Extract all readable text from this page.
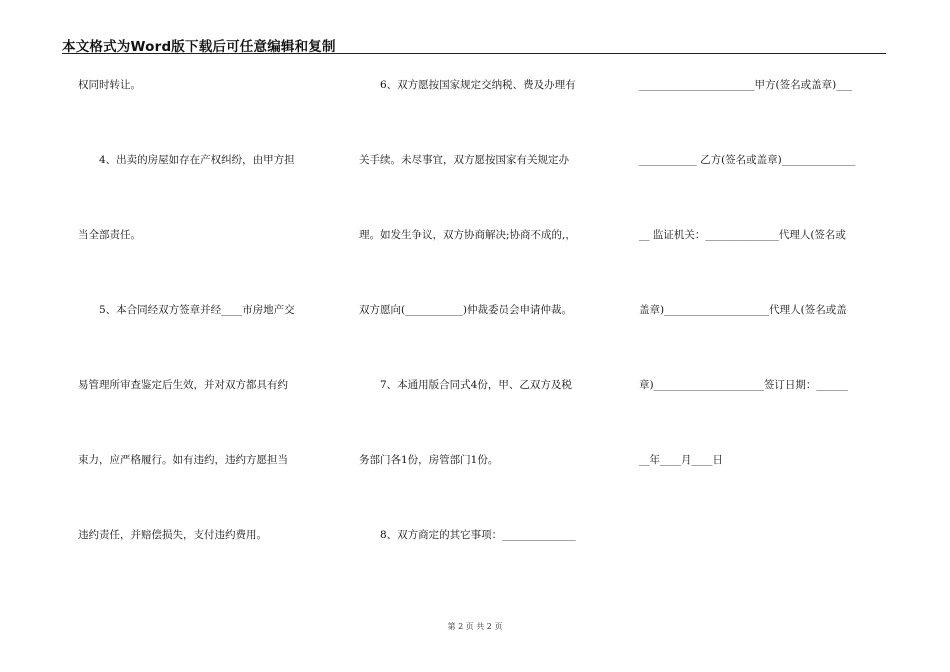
本文格式为Word版下载后可任意编辑和复制
权同时转让。
4、出卖的房屋如存在产权纠纷，由甲方担
当全部责任。
5、本合同经双方签章并经____市房地产交
易管理所审查鉴定后生效，并对双方都具有约
束力，应严格履行。如有违约，违约方愿担当
违约责任，并赔偿损失，支付违约费用。
6、双方愿按国家规定交纳税、费及办理有
关手续。未尽事宜，双方愿按国家有关规定办
理。如发生争议，双方协商解决;协商不成的,，
双方愿向(___________)仲裁委员会申请仲裁。
7、本通用版合同式4份，甲、乙双方及税
务部门各1份，房管部门1份。
8、双方商定的其它事项：______________
______________________甲方(签名或盖章)___
___________ 乙方(签名或盖章)______________
__ 监证机关：______________代理人(签名或
盖章)____________________代理人(签名或盖
章)_____________________签订日期：______
__年____月____日
第 2 页 共 2 页
